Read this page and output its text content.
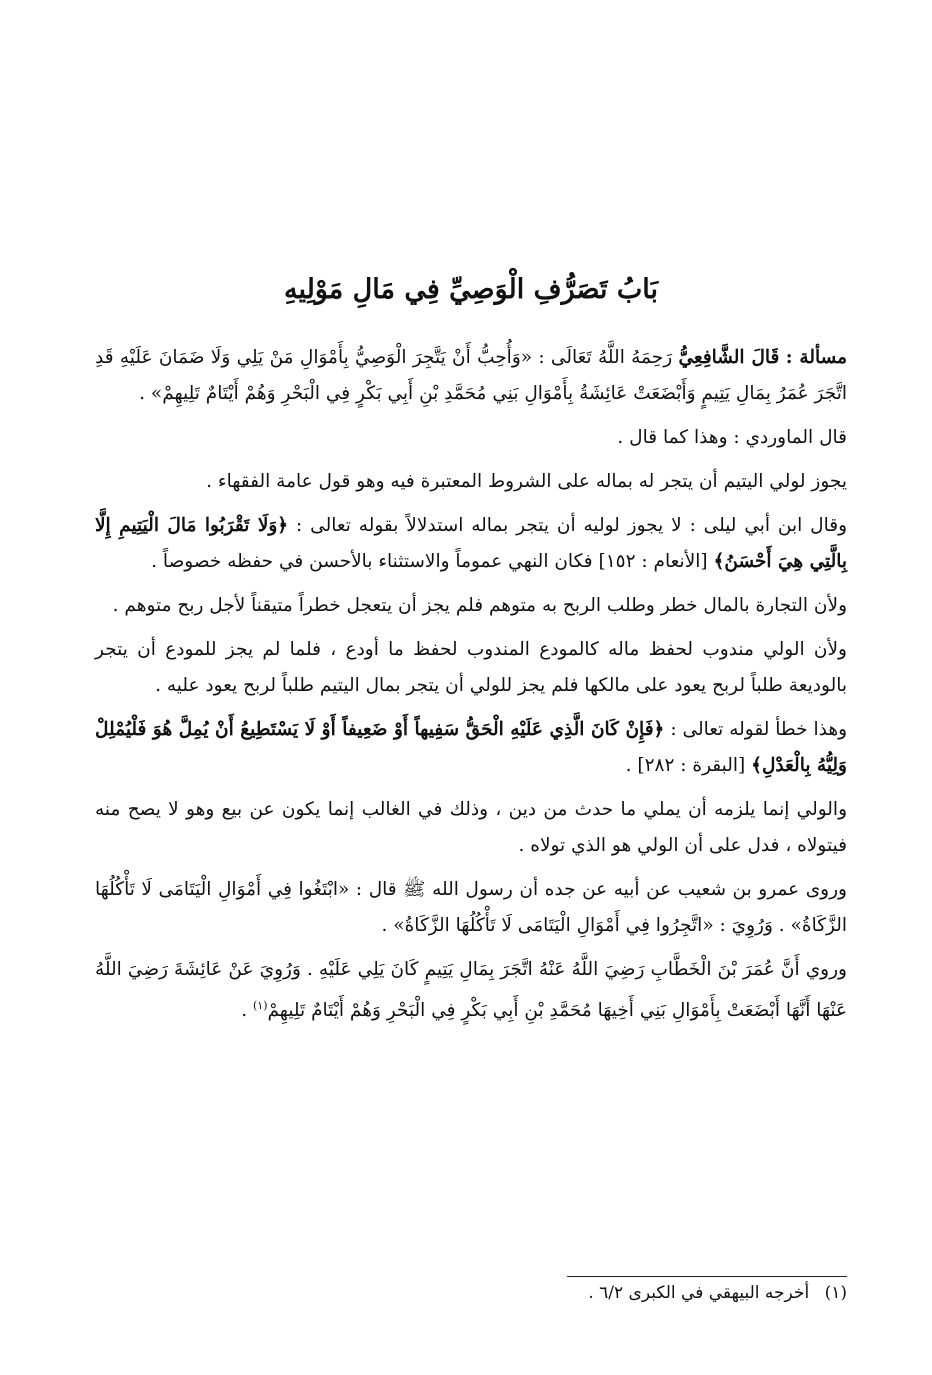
بَابُ تَصَرُّفِ الْوَصِيِّ فِي مَالِ مَوْلِيهِ

مسألة : قَالَ الشَّافِعِيُّ رَحِمَهُ اللَّهُ تَعَالَى : «وَأُحِبُّ أَنْ يَتَّجِرَ الْوَصِيُّ بِأَمْوَالِ مَنْ يَلِي وَلَا ضَمَانَ عَلَيْهِ قَدِ اتَّجَرَ عُمَرُ بِمَالِ يَتِيمٍ وَأَبْضَعَتْ عَائِشَةُ بِأَمْوَالِ بَنِي مُحَمَّدِ بْنِ أَبِي بَكْرٍ فِي الْبَحْرِ وَهُمْ أَيْتَامٌ تَلِيهِمْ» .

قال الماوردي : وهذا كما قال .

يجوز لولي اليتيم أن يتجر له بماله على الشروط المعتبرة فيه وهو قول عامة الفقهاء .

وقال ابن أبي ليلى : لا يجوز لوليه أن يتجر بماله استدلالاً بقوله تعالى : ﴿وَلَا تَقْرَبُوا مَالَ الْيَتِيمِ إِلَّا بِالَّتِي هِيَ أَحْسَنُ﴾ [الأنعام : ١٥٢] فكان النهي عموماً والاستثناء بالأحسن في حفظه خصوصاً .

ولأن التجارة بالمال خطر وطلب الربح به متوهم فلم يجز أن يتعجل خطراً متيقناً لأجل ربح متوهم .

ولأن الولي مندوب لحفظ ماله كالمودع المندوب لحفظ ما أودع ، فلما لم يجز للمودع أن يتجر بالوديعة طلباً لربح يعود على مالكها فلم يجز للولي أن يتجر بمال اليتيم طلباً لربح يعود عليه .

وهذا خطأ لقوله تعالى : ﴿فَإِنْ كَانَ الَّذِي عَلَيْهِ الْحَقُّ سَفِيهاً أَوْ ضَعِيفاً أَوْ لَا يَسْتَطِيعُ أَنْ يُمِلَّ هُوَ فَلْيُمْلِلْ وَلِيُّهُ بِالْعَدْلِ﴾ [البقرة : ٢٨٢] .

والولي إنما يلزمه أن يملي ما حدث من دين ، وذلك في الغالب إنما يكون عن بيع وهو لا يصح منه فيتولاه ، فدل على أن الولي هو الذي تولاه .

وروى عمرو بن شعيب عن أبيه عن جده أن رسول الله ﷺ قال : «ابْتَغُوا فِي أَمْوَالِ الْيَتَامَى لَا تَأْكُلُهَا الزَّكَاةُ» . وَرُوِيَ : «اتَّجِرُوا فِي أَمْوَالِ الْيَتَامَى لَا تَأْكُلُهَا الزَّكَاةُ» .

وروي أَنَّ عُمَرَ بْنَ الْخَطَّابِ رَضِيَ اللَّهُ عَنْهُ اتَّجَرَ بِمَالِ يَتِيمٍ كَانَ يَلِي عَلَيْهِ . وَرُوِيَ عَنْ عَائِشَةَ رَضِيَ اللَّهُ عَنْهَا أَنَّهَا أَبْضَعَتْ بِأَمْوَالِ بَنِي أَخِيهَا مُحَمَّدِ بْنِ أَبِي بَكْرٍ فِي الْبَحْرِ وَهُمْ أَيْتَامٌ تَلِيهِمْ$^{(١)}$ .

(١) أخرجه البيهقي في الكبرى ٦/٢ .
